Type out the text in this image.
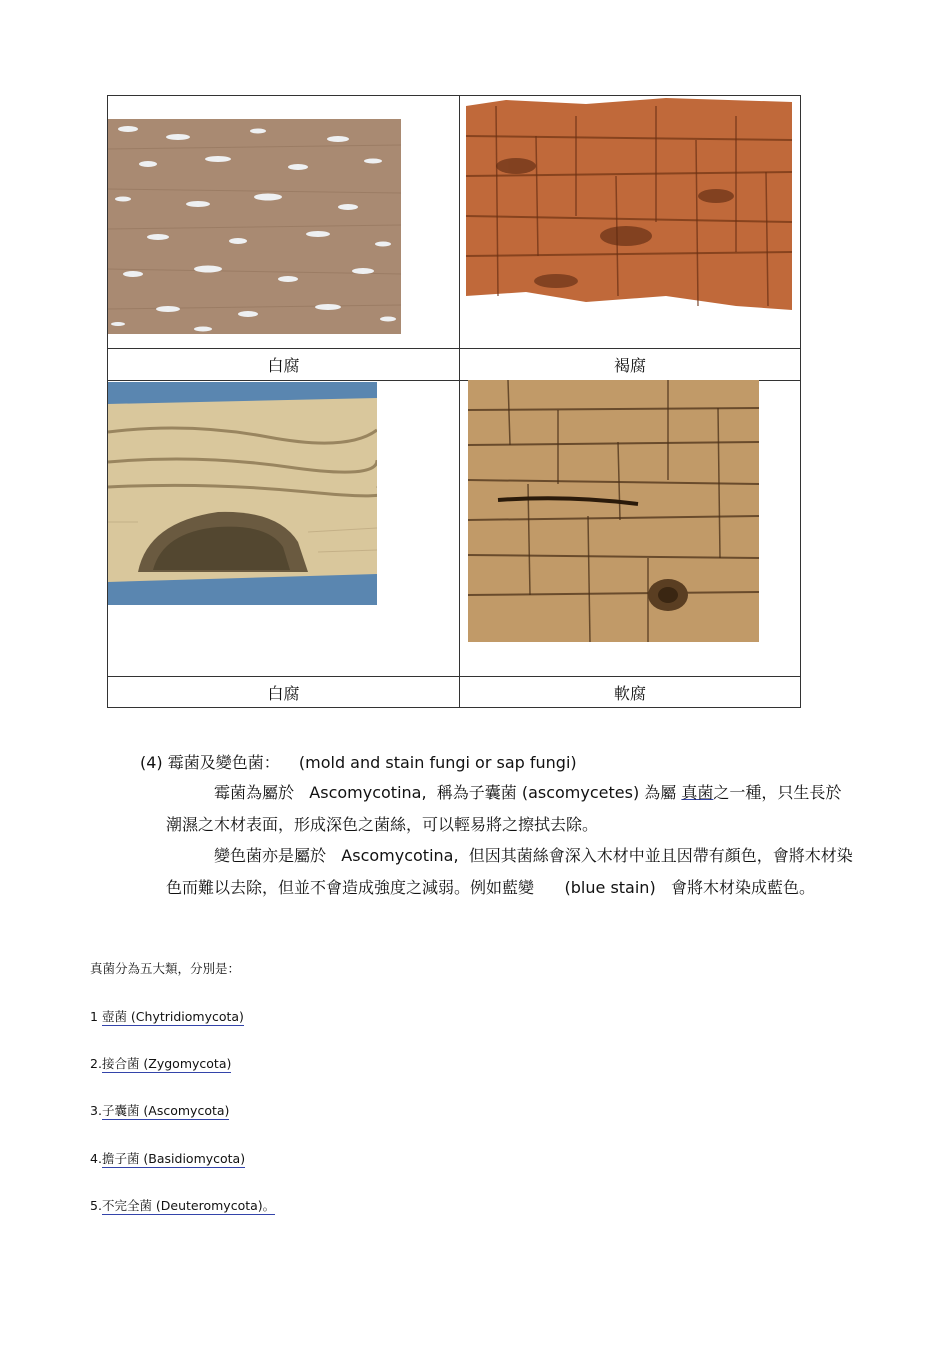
白腐	褐腐
白腐	軟腐
(4) 霉菌及變色菌： (mold and stain fungi or sap fungi)
霉菌為屬於 Ascomycotina, 稱為子囊菌 (ascomycetes) 為屬 真菌之一種，只生長於潮濕之木材表面，形成深色之菌絲，可以輕易將之擦拭去除。
變色菌亦是屬於 Ascomycotina, 但因其菌絲會深入木材中並且因帶有顏色，會將木材染色而難以去除，但並不會造成強度之減弱。例如藍變 (blue stain) 會將木材染成藍色。
真菌分為五大類，分別是：
1 壺菌 (Chytridiomycota)
2.接合菌 (Zygomycota)
3.子囊菌 (Ascomycota)
4.擔子菌 (Basidiomycota)
5.不完全菌 (Deuteromycota)。
